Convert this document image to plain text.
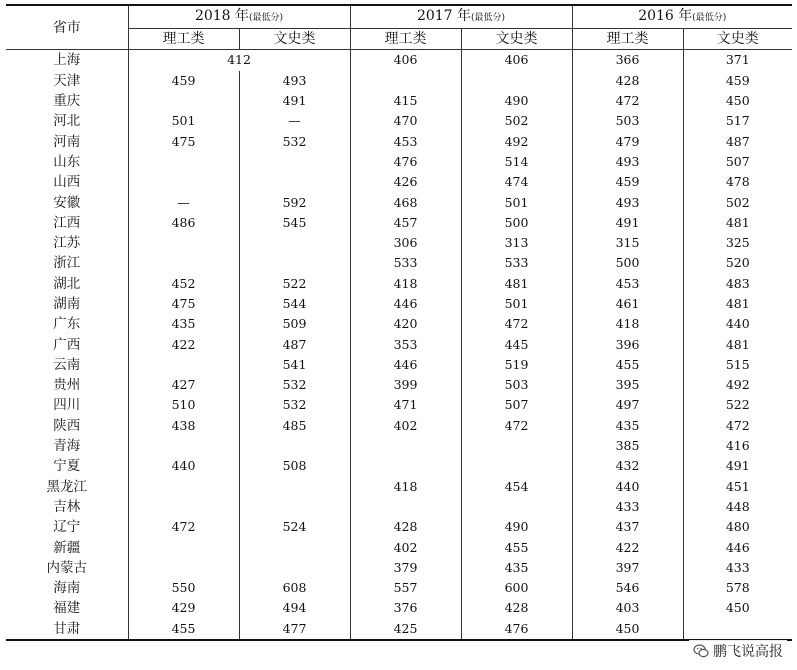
省市	2018 年(最低分)		2017 年(最低分)		2016 年(最低分)	
	理工类	文史类	理工类	文史类	理工类	文史类
上海	412		406	406	366	371
天津	459	493			428	459
重庆		491	415	490	472	450
河北	501	—	470	502	503	517
河南	475	532	453	492	479	487
山东			476	514	493	507
山西			426	474	459	478
安徽	—	592	468	501	493	502
江西	486	545	457	500	491	481
江苏			306	313	315	325
浙江			533	533	500	520
湖北	452	522	418	481	453	483
湖南	475	544	446	501	461	481
广东	435	509	420	472	418	440
广西	422	487	353	445	396	481
云南		541	446	519	455	515
贵州	427	532	399	503	395	492
四川	510	532	471	507	497	522
陕西	438	485	402	472	435	472
青海					385	416
宁夏	440	508			432	491
黑龙江			418	454	440	451
吉林					433	448
辽宁	472	524	428	490	437	480
新疆			402	455	422	446
内蒙古			379	435	397	433
海南	550	608	557	600	546	578
福建	429	494	376	428	403	450
甘肃	455	477	425	476	450	
鹏飞说高报
